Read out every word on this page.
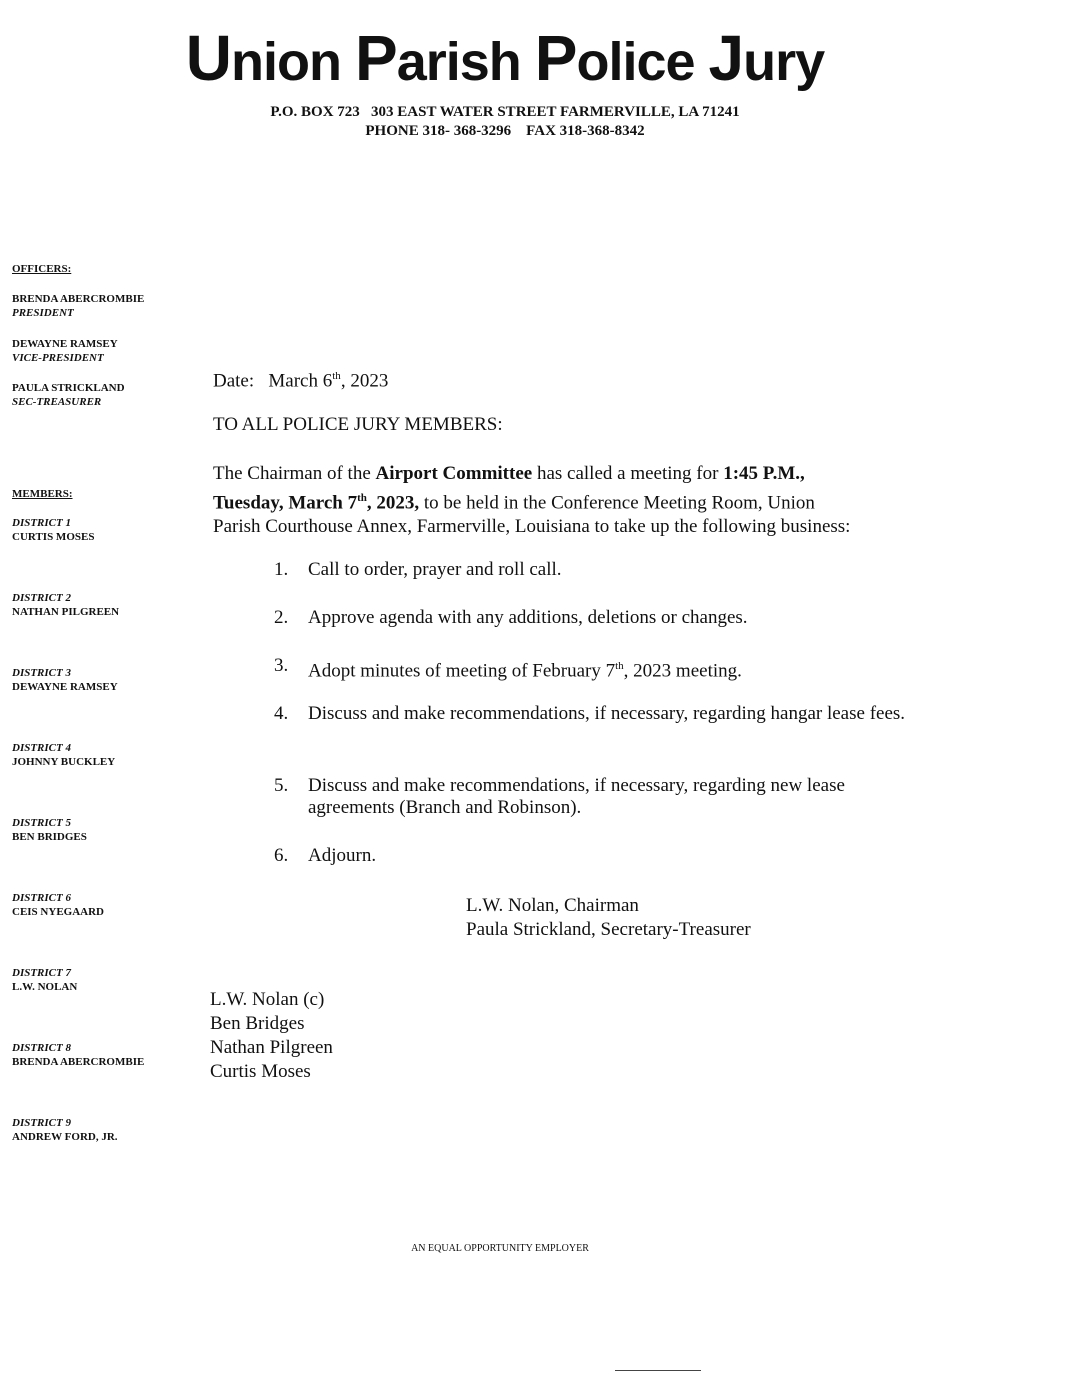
Union Parish Police Jury
P.O. BOX 723   303 EAST WATER STREET FARMERVILLE, LA 71241
PHONE 318- 368-3296    FAX 318-368-8342
OFFICERS:
BRENDA ABERCROMBIE
PRESIDENT
DEWAYNE RAMSEY
VICE-PRESIDENT
PAULA STRICKLAND
SEC-TREASURER
MEMBERS:
DISTRICT 1
CURTIS MOSES
DISTRICT 2
NATHAN PILGREEN
DISTRICT 3
DEWAYNE RAMSEY
DISTRICT 4
JOHNNY BUCKLEY
DISTRICT 5
BEN BRIDGES
DISTRICT 6
CEIS NYEGAARD
DISTRICT 7
L.W. NOLAN
DISTRICT 8
BRENDA ABERCROMBIE
DISTRICT 9
ANDREW FORD, JR.
Date: March 6th, 2023
TO ALL POLICE JURY MEMBERS:
The Chairman of the Airport Committee has called a meeting for 1:45 P.M.,
Tuesday, March 7th, 2023, to be held in the Conference Meeting Room, Union
Parish Courthouse Annex, Farmerville, Louisiana to take up the following business:
1.	Call to order, prayer and roll call.
2.	Approve agenda with any additions, deletions or changes.
3.	Adopt minutes of meeting of February 7th, 2023 meeting.
4.	Discuss and make recommendations, if necessary, regarding hangar lease fees.
5.	Discuss and make recommendations, if necessary, regarding new lease agreements (Branch and Robinson).
6.	Adjourn.
L.W. Nolan, Chairman
Paula Strickland, Secretary-Treasurer
L.W. Nolan (c)
Ben Bridges
Nathan Pilgreen
Curtis Moses
AN EQUAL OPPORTUNITY EMPLOYER
